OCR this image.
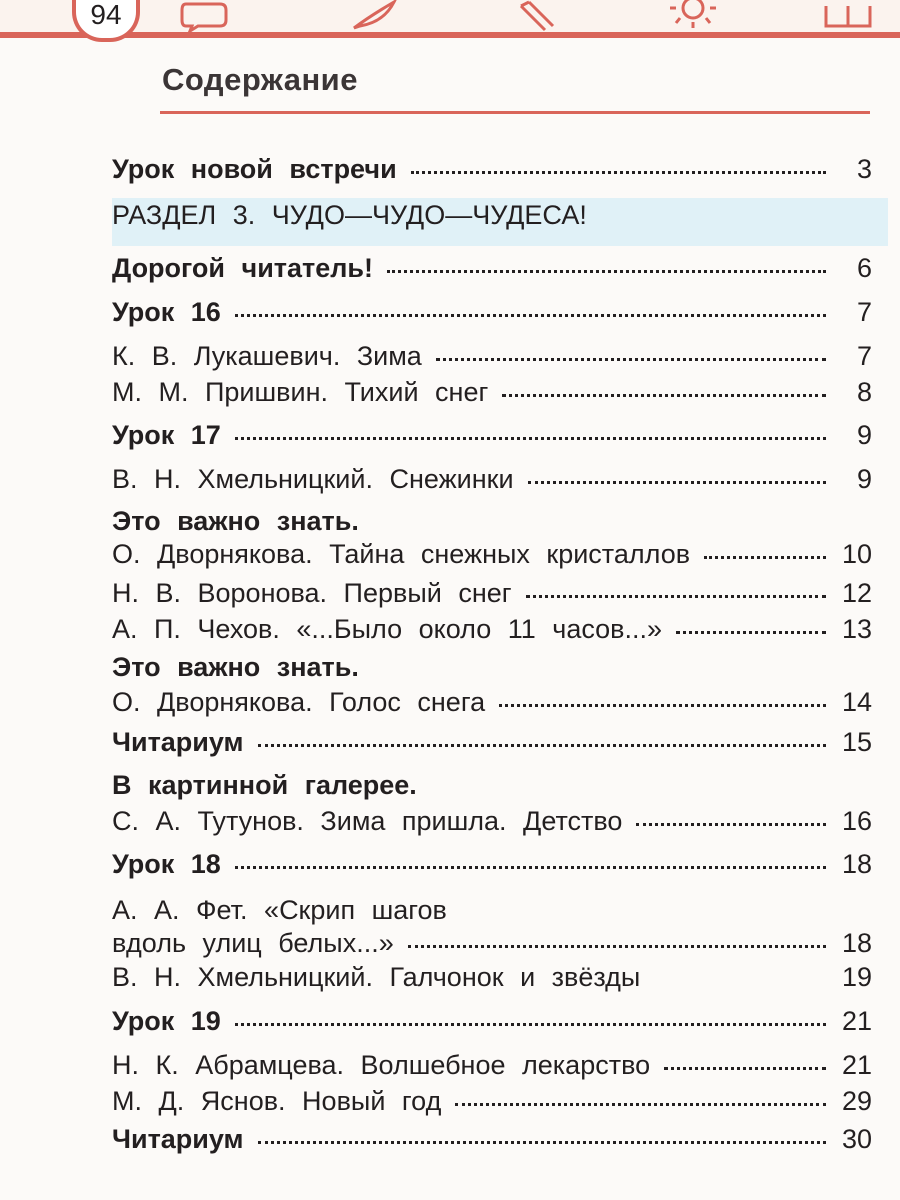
94
Содержание
Урок новой встречи	3
РАЗДЕЛ 3. ЧУДО—ЧУДО—ЧУДЕСА!
Дорогой читатель!	6
Урок 16	7
К. В. Лукашевич. Зима	7
М. М. Пришвин. Тихий снег	8
Урок 17	9
В. Н. Хмельницкий. Снежинки	9
Это важно знать.
О. Дворнякова. Тайна снежных кристаллов	10
Н. В. Воронова. Первый снег	12
А. П. Чехов. «...Было около 11 часов...»	13
Это важно знать.
О. Дворнякова. Голос снега	14
Читариум	15
В картинной галерее.
С. А. Тутунов. Зима пришла. Детство	16
Урок 18	18
А. А. Фет. «Скрип шагов
вдоль улиц белых...»	18
В. Н. Хмельницкий. Галчонок и звёзды	19
Урок 19	21
Н. К. Абрамцева. Волшебное лекарство	21
М. Д. Яснов. Новый год	29
Читариум	30
